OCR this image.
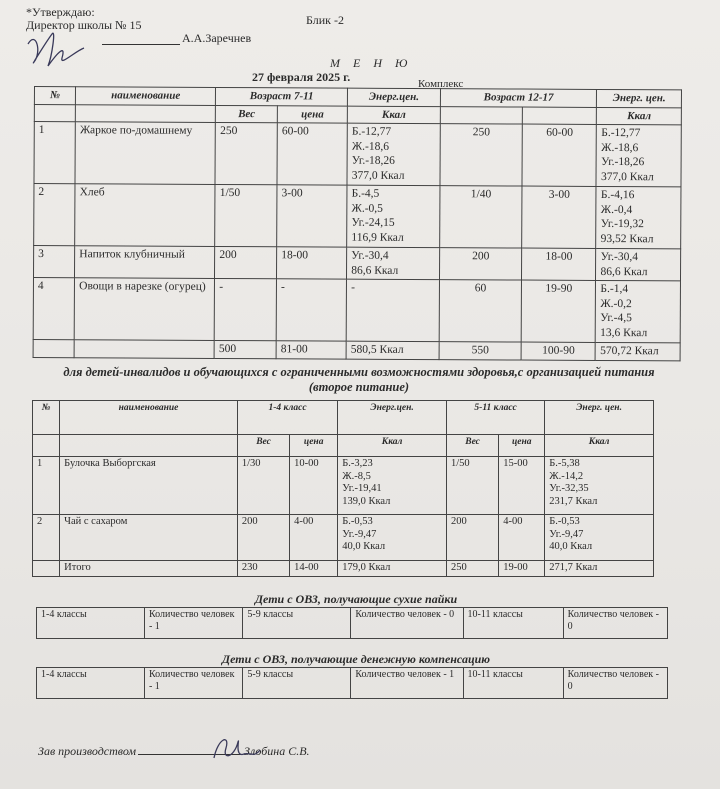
*Утверждаю:
Директор школы № 15
А.А.Заречнев
Блик -2
М Е Н Ю
27 февраля 2025 г.	Комплекс
№	наименование	Возраст 7-11		Энерг.цен.	Возраст 12-17		Энерг. цен.
		Вес	цена	Ккал			Ккал
1	Жаркое по-домашнему	250	60-00	Б.-12,77
Ж.-18,6
Уг.-18,26
377,0 Ккал	250	60-00	Б.-12,77
Ж.-18,6
Уг.-18,26
377,0 Ккал
2	Хлеб	1/50	3-00	Б.-4,5
Ж.-0,5
Уг.-24,15
116,9 Ккал	1/40	3-00	Б.-4,16
Ж.-0,4
Уг.-19,32
93,52 Ккал
3	Напиток клубничный	200	18-00	Уг.-30,4
86,6 Ккал	200	18-00	Уг.-30,4
86,6 Ккал
4	Овощи в нарезке (огурец)	-	-	-	60	19-90	Б.-1,4
Ж.-0,2
Уг.-4,5
13,6 Ккал
		500	81-00	580,5 Ккал	550	100-90	570,72 Ккал
для детей-инвалидов и обучающихся с ограниченными возможностями здоровья,с организацией питания (второе питание)
№	наименование	1-4 класс		Энерг.цен.	5-11 класс		Энерг. цен.
		Вес	цена	Ккал	Вес	цена	Ккал
1	Булочка Выборгская	1/30	10-00	Б.-3,23
Ж.-8,5
Уг.-19,41
139,0 Ккал	1/50	15-00	Б.-5,38
Ж.-14,2
Уг.-32,35
231,7 Ккал
2	Чай с сахаром	200	4-00	Б.-0,53
Уг.-9,47
40,0 Ккал	200	4-00	Б.-0,53
Уг.-9,47
40,0 Ккал
	Итого	230	14-00	179,0 Ккал	250	19-00	271,7 Ккал
Дети с ОВЗ, получающие сухие пайки
1-4 классы	Количество человек - 1	5-9 классы	Количество человек - 0	10-11 классы	Количество человек - 0
Дети с ОВЗ, получающие денежную компенсацию
1-4 классы	Количество человек - 1	5-9 классы	Количество человек - 1	10-11 классы	Количество человек - 0
Зав производством	Злобина С.В.
